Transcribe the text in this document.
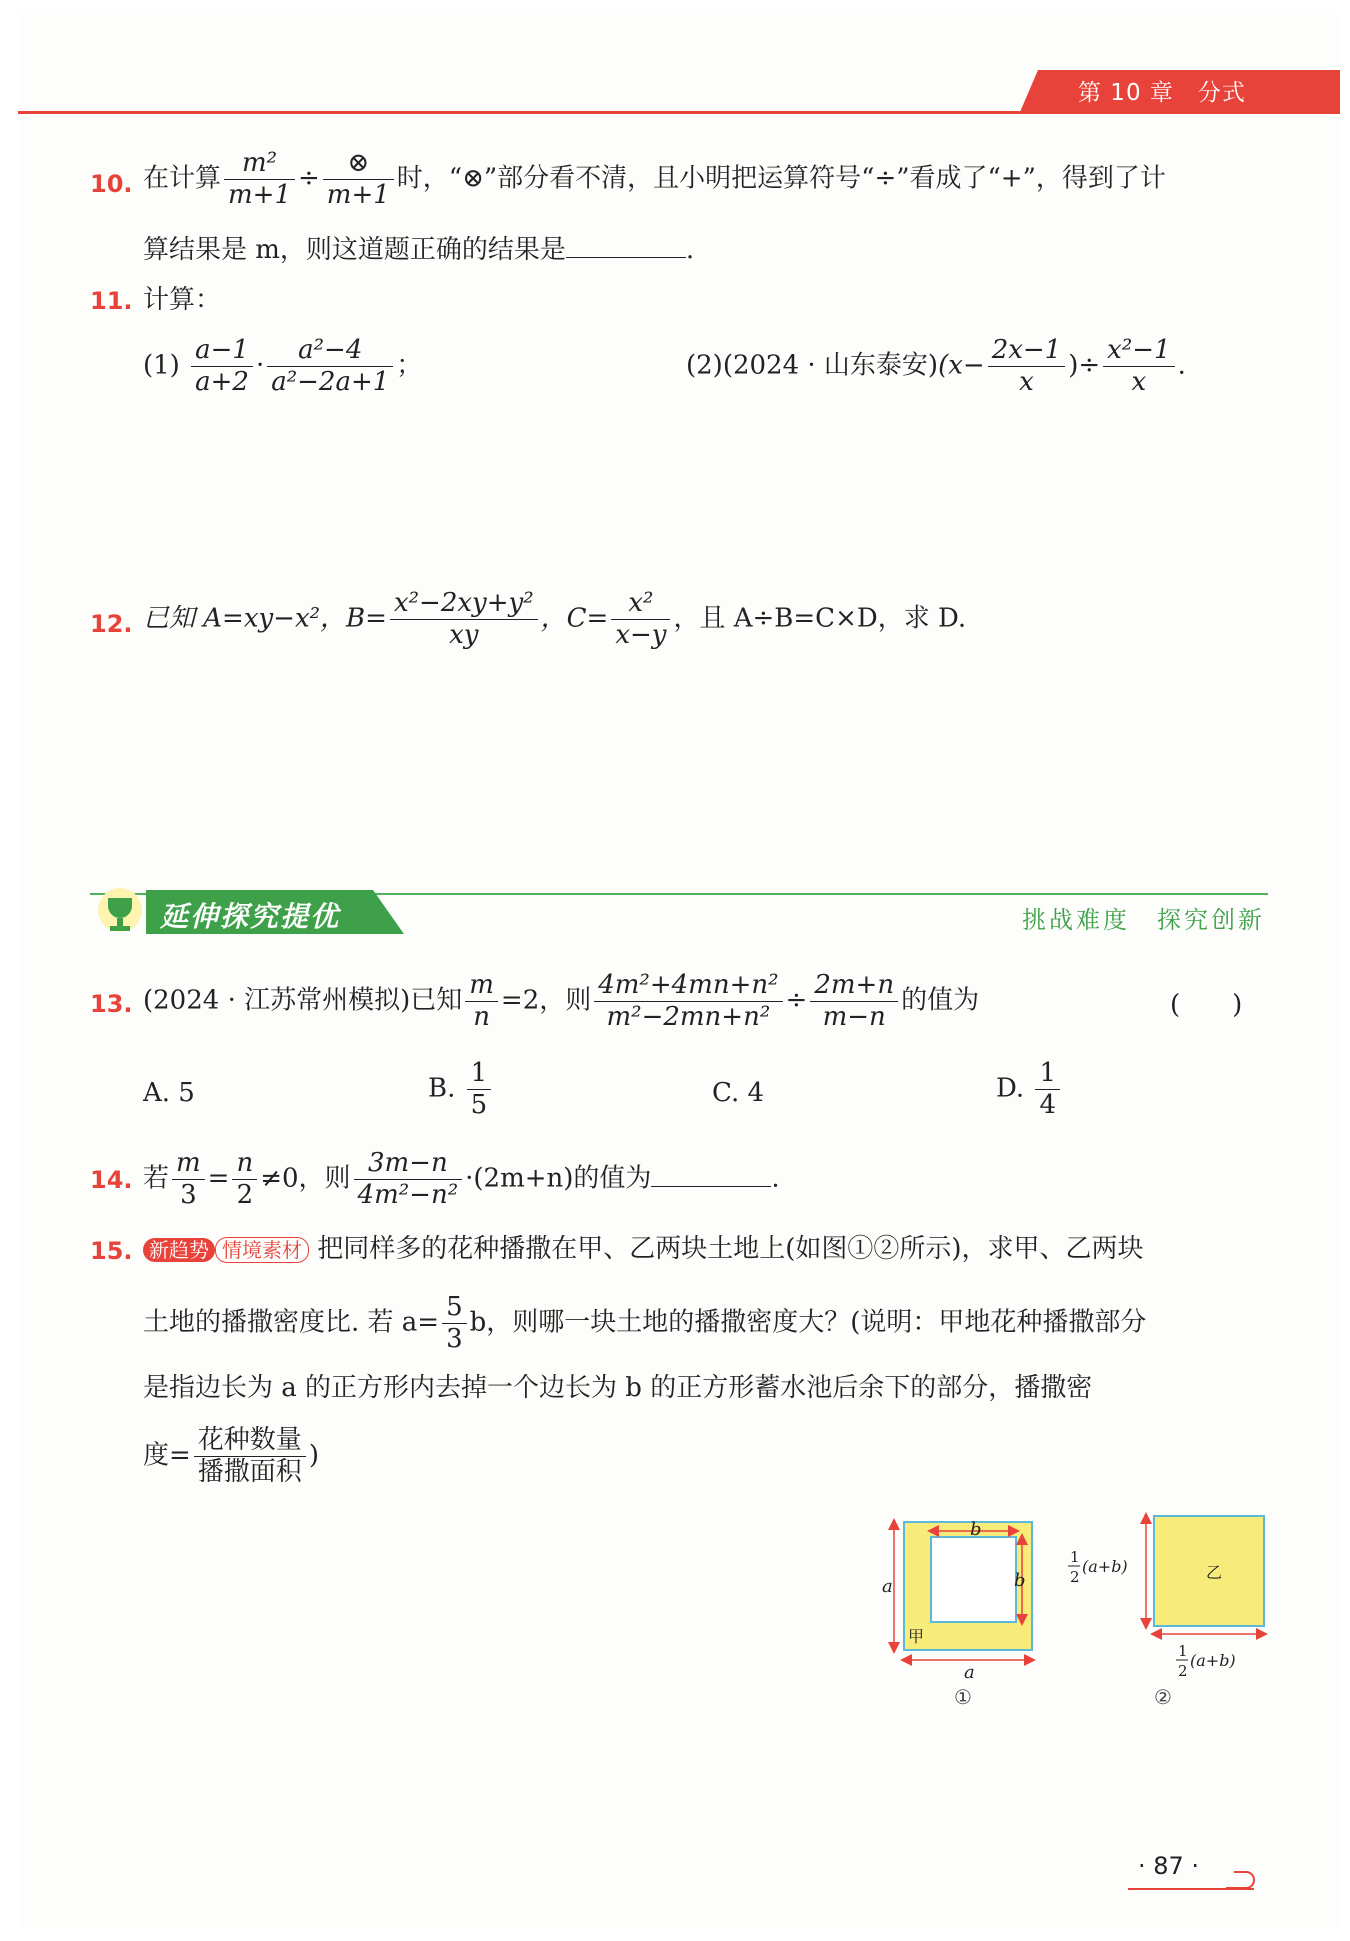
第 10 章　分式
10. 在计算 $\frac{\text{m²}}{m+1} \div \frac{\otimes}{m+1}$ 时，“⊗”部分看不清，且小明把运算符号“÷”看成了“+”，得到了计
算结果是 m，则这道题正确的结果是	.
11. 计算：
$(1) \frac{a-1}{a+2} \cdot \frac{\text{a²−4}}{\text{a²−2a+1}}$ ；	(2)(2024 · 山东泰安)($x- \frac{2x-1}{x}$ )÷ $\frac{\text{x²−1}}{x}$ .
12. 已知 A=xy−x²，$B= \frac{\text{x²−2xy+y²}}{xy}$ ，$C= \frac{\text{x²}}{x-y}$ ，且 A÷B=C×D，求 D.
延伸探究提优	挑战难度　探究创新
13. (2024 · 江苏常州模拟)已知 $\frac{m}{n} =2$，则 $\frac{\text{4m²+4mn+n²}}{\text{m²−2mn+n²}} \div \frac{2m+n}{m-n}$ 的值为	(　　)
A. 5	B. $\frac{1}{5}$	C. 4	D. $\frac{1}{4}$
14. 若 $\frac{m}{3} = \frac{n}{2} \ne 0$，则 $\frac{3m-n}{\text{4m²−n²}} \cdot(2m+n)$的值为	.
15. 新趋势 情境素材 把同样多的花种播撒在甲、乙两块土地上(如图①②所示)，求甲、乙两块
土地的播撒密度比. 若 $a= \frac{5}{3}$ b，则哪一块土地的播撒密度大？(说明：甲地花种播撒部分
是指边长为 a 的正方形内去掉一个边长为 b 的正方形蓄水池后余下的部分，播撒密
度= $\frac{\text{花种数量}}{\text{播撒面积}}$ )
a
a
b
b
甲
①
乙
1
2
(a+b)
1
2
(a+b)
②
· 87 ·
